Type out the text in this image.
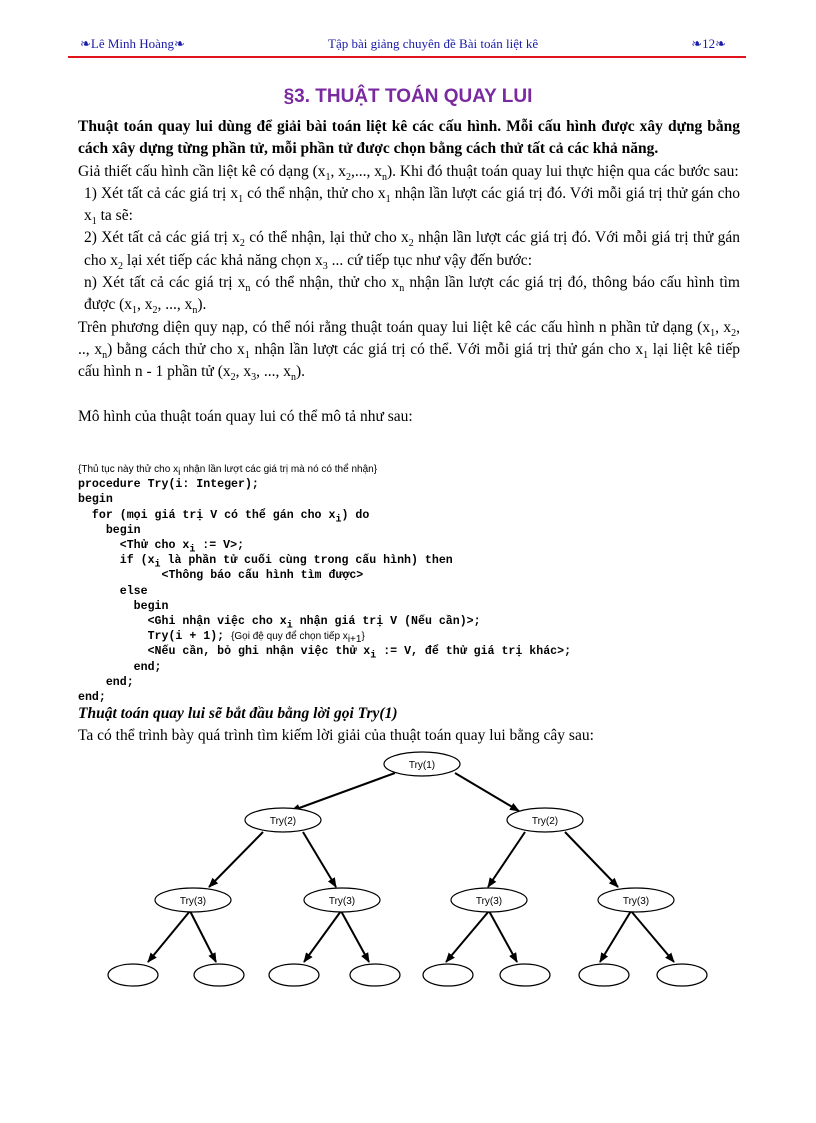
❧Lê Minh Hoàng❧	Tập bài giảng chuyên đề Bài toán liệt kê	❧12❧
§3. THUẬT TOÁN QUAY LUI

Thuật toán quay lui dùng để giải bài toán liệt kê các cấu hình. Mỗi cấu hình được xây dựng bằng cách xây dựng từng phần tử, mỗi phần tử được chọn bằng cách thử tất cả các khả năng.

Giả thiết cấu hình cần liệt kê có dạng ($x_1$, $x_2$,..., $x_n$). Khi đó thuật toán quay lui thực hiện qua các bước sau:

1) Xét tất cả các giá trị $x_1$ có thể nhận, thử cho $x_1$ nhận lần lượt các giá trị đó. Với mỗi giá trị thử gán cho $x_1$ ta sẽ:

2) Xét tất cả các giá trị $x_2$ có thể nhận, lại thử cho $x_2$ nhận lần lượt các giá trị đó. Với mỗi giá trị thử gán cho $x_2$ lại xét tiếp các khả năng chọn $x_3$ ... cứ tiếp tục như vậy đến bước:

n) Xét tất cả các giá trị $x_n$ có thể nhận, thử cho $x_n$ nhận lần lượt các giá trị đó, thông báo cấu hình tìm được ($x_1$, $x_2$, ..., $x_n$).

Trên phương diện quy nạp, có thể nói rằng thuật toán quay lui liệt kê các cấu hình n phần tử dạng ($x_1$, $x_2$, .., $x_n$) bằng cách thử cho $x_1$ nhận lần lượt các giá trị có thể. Với mỗi giá trị thử gán cho $x_1$ lại liệt kê tiếp cấu hình n - 1 phần tử ($x_2$, $x_3$, ..., $x_n$).

Mô hình của thuật toán quay lui có thể mô tả như sau:

{Thủ tục này thử cho $x_i$ nhận lần lượt các giá trị mà nó có thể nhận}
procedure Try(i: Integer);
begin
for (mọi giá trị V có thể gán cho $x_i$) do
begin
<Thử cho $x_i$ := V>;
if ($x_i$ là phần tử cuối cùng trong cấu hình) then
<Thông báo cấu hình tìm được>
else
begin
<Ghi nhận việc cho $x_i$ nhận giá trị V (Nếu cần)>;
Try(i + 1); {Gọi đệ quy để chọn tiếp $x_{i+1}$}
<Nếu cần, bỏ ghi nhận việc thử $x_i$ := V, để thử giá trị khác>;
end;
end;
end;
Thuật toán quay lui sẽ bắt đầu bằng lời gọi Try(1)
Ta có thể trình bày quá trình tìm kiếm lời giải của thuật toán quay lui bằng cây sau:
Try(1)
Try(2)	Try(2)
Try(3)	Try(3)	Try(3)	Try(3)
